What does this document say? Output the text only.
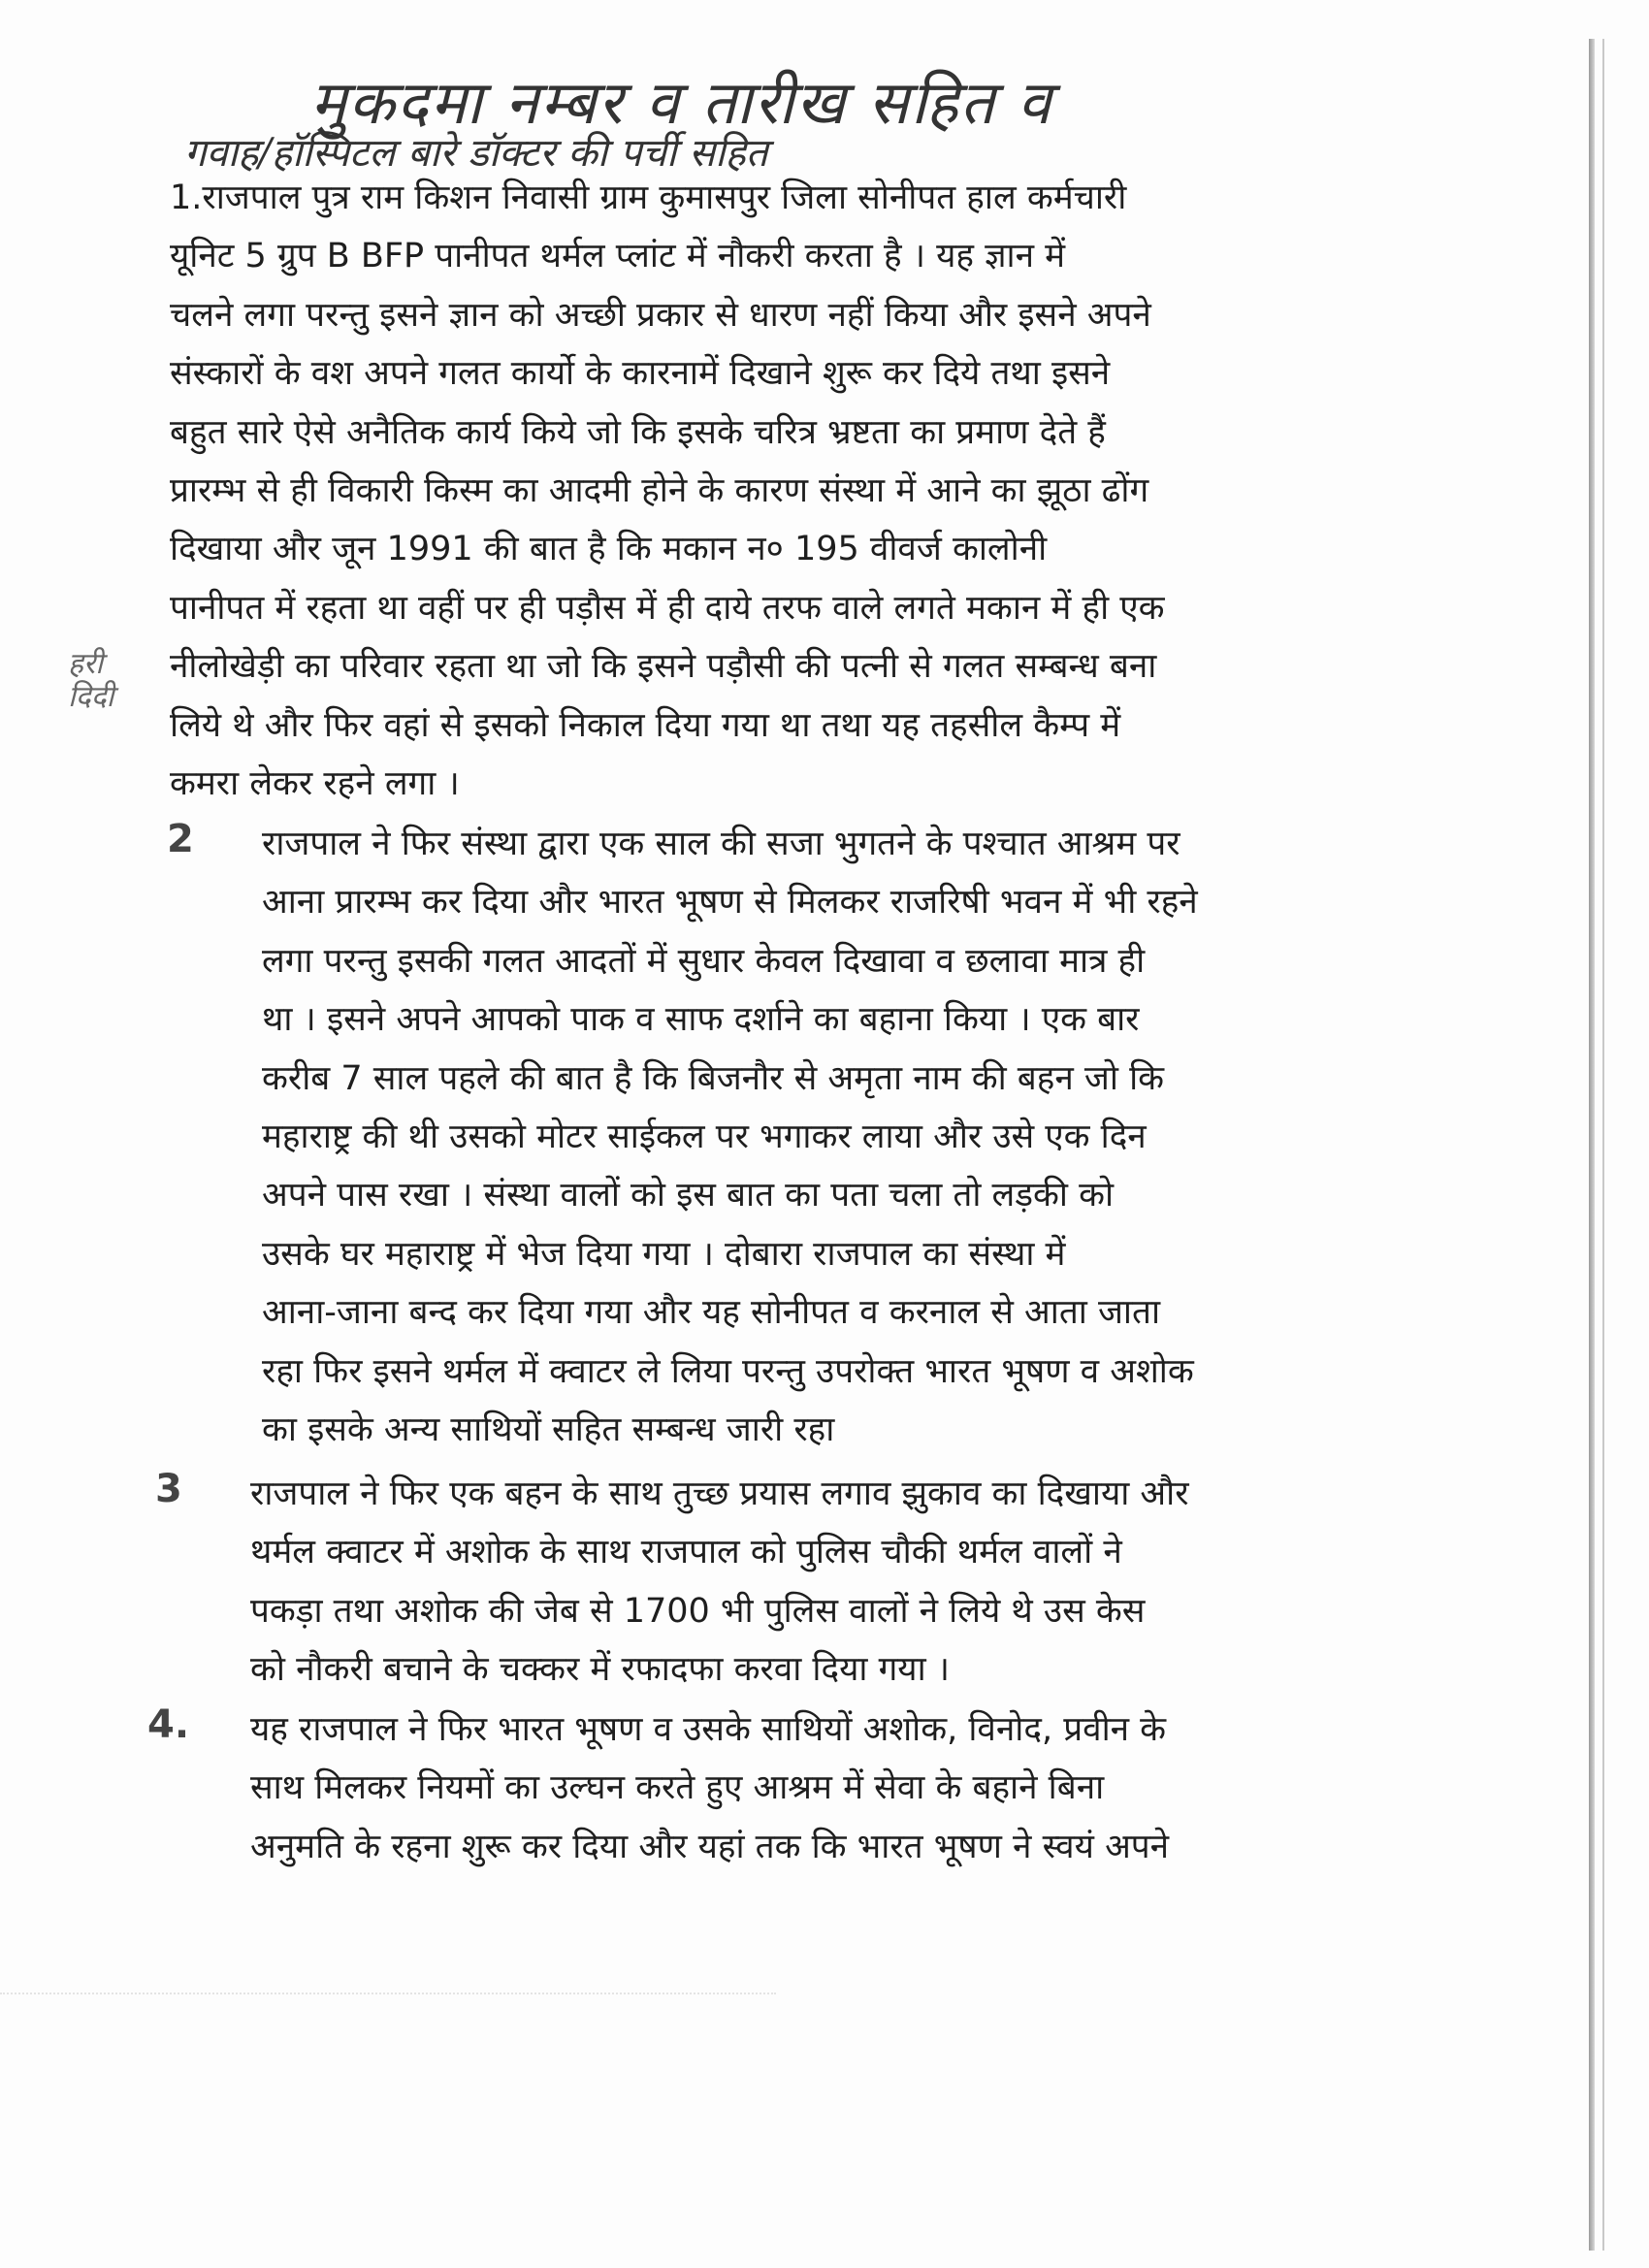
मुकदमा नम्बर व तारीख सहित व
गवाह/हॉस्पिटल बारे डॉक्टर की पर्ची सहित
हरी
दिदी
1.राजपाल पुत्र राम किशन निवासी ग्राम कुमासपुर जिला सोनीपत हाल कर्मचारी
यूनिट 5 ग्रुप B BFP पानीपत थर्मल प्लांट में नौकरी करता है । यह ज्ञान में
चलने लगा परन्तु इसने ज्ञान को अच्छी प्रकार से धारण नहीं किया और इसने अपने
संस्कारों के वश अपने गलत कार्यो के कारनामें दिखाने शुरू कर दिये तथा इसने
बहुत सारे ऐसे अनैतिक कार्य किये जो कि इसके चरित्र भ्रष्टता का प्रमाण देते हैं
प्रारम्भ से ही विकारी किस्म का आदमी होने के कारण संस्था में आने का झूठा ढोंग
दिखाया और जून 1991 की बात है कि मकान न० 195 वीवर्ज कालोनी
पानीपत में रहता था वहीं पर ही पड़ौस में ही दाये तरफ वाले लगते मकान में ही एक
नीलोखेड़ी का परिवार रहता था जो कि इसने पड़ौसी की पत्नी से गलत सम्बन्ध बना
लिये थे और फिर वहां से इसको निकाल दिया गया था तथा यह तहसील कैम्प में
कमरा लेकर रहने लगा ।
2 राजपाल ने फिर संस्था द्वारा एक साल की सजा भुगतने के पश्चात आश्रम पर
आना प्रारम्भ कर दिया और भारत भूषण से मिलकर राजरिषी भवन में भी रहने
लगा परन्तु इसकी गलत आदतों में सुधार केवल दिखावा व छलावा मात्र ही
था । इसने अपने आपको पाक व साफ दर्शाने का बहाना किया । एक बार
करीब 7 साल पहले की बात है कि बिजनौर से अमृता नाम की बहन जो कि
महाराष्ट्र की थी उसको मोटर साईकल पर भगाकर लाया और उसे एक दिन
अपने पास रखा । संस्था वालों को इस बात का पता चला तो लड़की को
उसके घर महाराष्ट्र में भेज दिया गया । दोबारा राजपाल का संस्था में
आना-जाना बन्द कर दिया गया और यह सोनीपत व करनाल से आता जाता
रहा फिर इसने थर्मल में क्वाटर ले लिया परन्तु उपरोक्त भारत भूषण व अशोक
का इसके अन्य साथियों सहित सम्बन्ध जारी रहा
3 राजपाल ने फिर एक बहन के साथ तुच्छ प्रयास लगाव झुकाव का दिखाया और
थर्मल क्वाटर में अशोक के साथ राजपाल को पुलिस चौकी थर्मल वालों ने
पकड़ा तथा अशोक की जेब से 1700 भी पुलिस वालों ने लिये थे उस केस
को नौकरी बचाने के चक्कर में रफादफा करवा दिया गया ।
4. यह राजपाल ने फिर भारत भूषण व उसके साथियों अशोक, विनोद, प्रवीन के
साथ मिलकर नियमों का उल्घन करते हुए आश्रम में सेवा के बहाने बिना
अनुमति के रहना शुरू कर दिया और यहां तक कि भारत भूषण ने स्वयं अपने
